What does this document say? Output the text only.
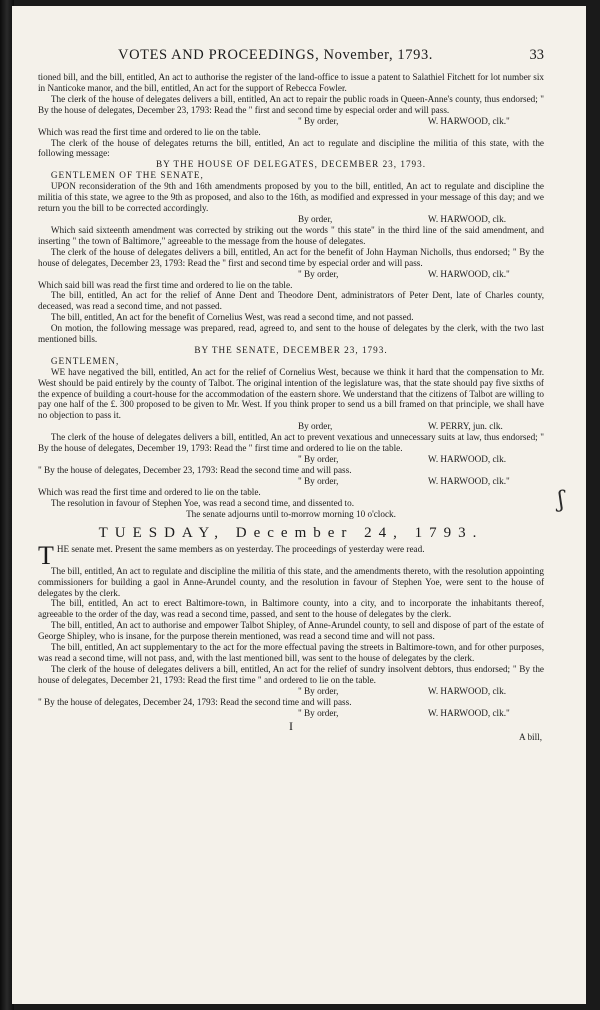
ʃ
VOTES AND PROCEEDINGS, November, 1793.	33

tioned bill, and the bill, entitled, An act to authorise the register of the land-office to issue a patent to Salathiel Fitchett for lot number six in Nanticoke manor, and the bill, entitled, An act for the support of Rebecca Fowler.

The clerk of the house of delegates delivers a bill, entitled, An act to repair the public roads in Queen-Anne's county, thus endorsed; " By the house of delegates, December 23, 1793: Read the " first and second time by especial order and will pass.

" By order,	W. HARWOOD, clk."

Which was read the first time and ordered to lie on the table.

The clerk of the house of delegates returns the bill, entitled, An act to regulate and discipline the militia of this state, with the following message:

BY THE HOUSE OF DELEGATES, DECEMBER 23, 1793.

GENTLEMEN OF THE SENATE,

UPON reconsideration of the 9th and 16th amendments proposed by you to the bill, entitled, An act to regulate and discipline the militia of this state, we agree to the 9th as proposed, and also to the 16th, as modified and expressed in your message of this day; and we return you the bill to be corrected accordingly.

By order,	W. HARWOOD, clk.

Which said sixteenth amendment was corrected by striking out the words " this state" in the third line of the said amendment, and inserting " the town of Baltimore," agreeable to the message from the house of delegates.

The clerk of the house of delegates delivers a bill, entitled, An act for the benefit of John Hayman Nicholls, thus endorsed; " By the house of delegates, December 23, 1793: Read the " first and second time by especial order and will pass.

" By order,	W. HARWOOD, clk."

Which said bill was read the first time and ordered to lie on the table.

The bill, entitled, An act for the relief of Anne Dent and Theodore Dent, administrators of Peter Dent, late of Charles county, deceased, was read a second time, and not passed.

The bill, entitled, An act for the benefit of Cornelius West, was read a second time, and not passed.

On motion, the following message was prepared, read, agreed to, and sent to the house of delegates by the clerk, with the two last mentioned bills.

BY THE SENATE, DECEMBER 23, 1793.

GENTLEMEN,

WE have negatived the bill, entitled, An act for the relief of Cornelius West, because we think it hard that the compensation to Mr. West should be paid entirely by the county of Talbot. The original intention of the legislature was, that the state should pay five sixths of the expence of building a court-house for the accommodation of the eastern shore. We understand that the citizens of Talbot are willing to pay one half of the £. 300 proposed to be given to Mr. West. If you think proper to send us a bill framed on that principle, we shall have no objection to pass it.

By order,	W. PERRY, jun. clk.

The clerk of the house of delegates delivers a bill, entitled, An act to prevent vexatious and unnecessary suits at law, thus endorsed; " By the house of delegates, December 19, 1793: Read the " first time and ordered to lie on the table.

" By order,	W. HARWOOD, clk.

" By the house of delegates, December 23, 1793: Read the second time and will pass.

" By order,	W. HARWOOD, clk."

Which was read the first time and ordered to lie on the table.

The resolution in favour of Stephen Yoe, was read a second time, and dissented to.

The senate adjourns until to-morrow morning 10 o'clock.

TUESDAY, December 24, 1793.

THE senate met. Present the same members as on yesterday. The proceedings of yesterday were read.

The bill, entitled, An act to regulate and discipline the militia of this state, and the amendments thereto, with the resolution appointing commissioners for building a gaol in Anne-Arundel county, and the resolution in favour of Stephen Yoe, were sent to the house of delegates by the clerk.

The bill, entitled, An act to erect Baltimore-town, in Baltimore county, into a city, and to incorporate the inhabitants thereof, agreeable to the order of the day, was read a second time, passed, and sent to the house of delegates by the clerk.

The bill, entitled, An act to authorise and empower Talbot Shipley, of Anne-Arundel county, to sell and dispose of part of the estate of George Shipley, who is insane, for the purpose therein mentioned, was read a second time and will not pass.

The bill, entitled, An act supplementary to the act for the more effectual paving the streets in Baltimore-town, and for other purposes, was read a second time, will not pass, and, with the last mentioned bill, was sent to the house of delegates by the clerk.

The clerk of the house of delegates delivers a bill, entitled, An act for the relief of sundry insolvent debtors, thus endorsed; " By the house of delegates, December 21, 1793: Read the first time " and ordered to lie on the table.

" By order,	W. HARWOOD, clk.

" By the house of delegates, December 24, 1793: Read the second time and will pass.

" By order,	W. HARWOOD, clk."
I
A bill,
